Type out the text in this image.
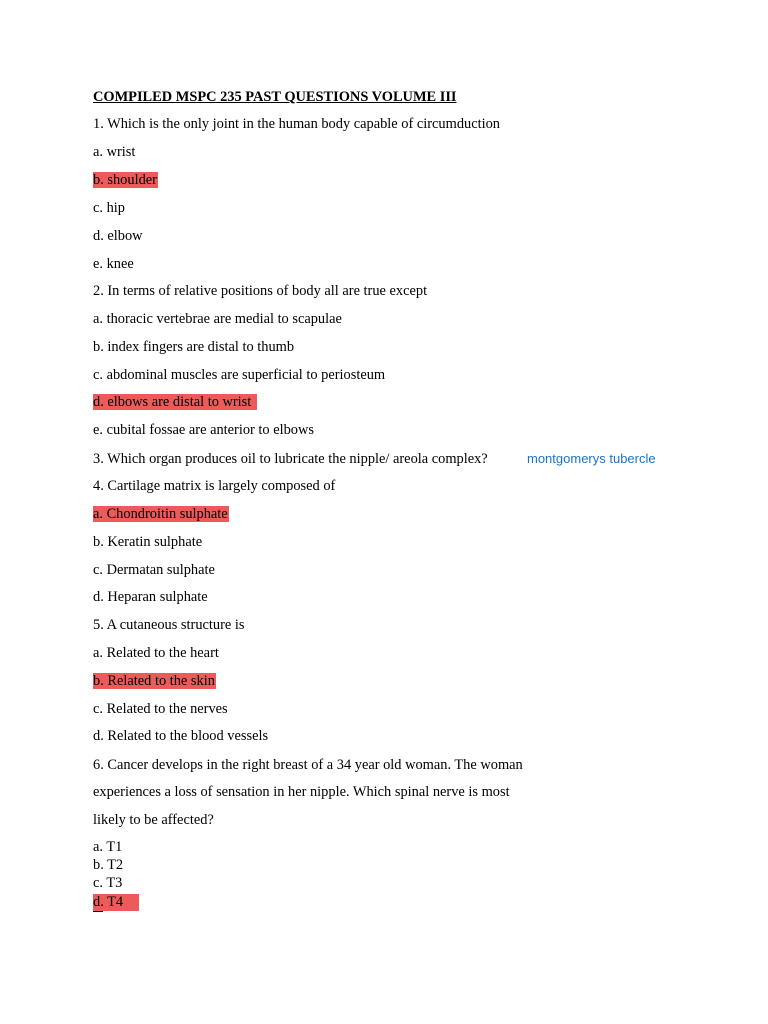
COMPILED MSPC 235 PAST QUESTIONS VOLUME III
1. Which is the only joint in the human body capable of circumduction
a. wrist
b. shoulder
c. hip
d. elbow
e. knee
2. In terms of relative positions of body all are true except
a. thoracic vertebrae are medial to scapulae
b. index fingers are distal to thumb
c. abdominal muscles are superficial to periosteum
d. elbows are distal to wrist
e. cubital fossae are anterior to elbows
3. Which organ produces oil to lubricate the nipple/ areola complex?	montgomerys tubercle
4. Cartilage matrix is largely composed of
a. Chondroitin sulphate
b. Keratin sulphate
c. Dermatan sulphate
d. Heparan sulphate
5. A cutaneous structure is
a. Related to the heart
b. Related to the skin
c. Related to the nerves
d. Related to the blood vessels
6. Cancer develops in the right breast of a 34 year old woman. The woman
experiences a loss of sensation in her nipple. Which spinal nerve is most
likely to be affected?
a. T1
b. T2
c. T3
d. T4
